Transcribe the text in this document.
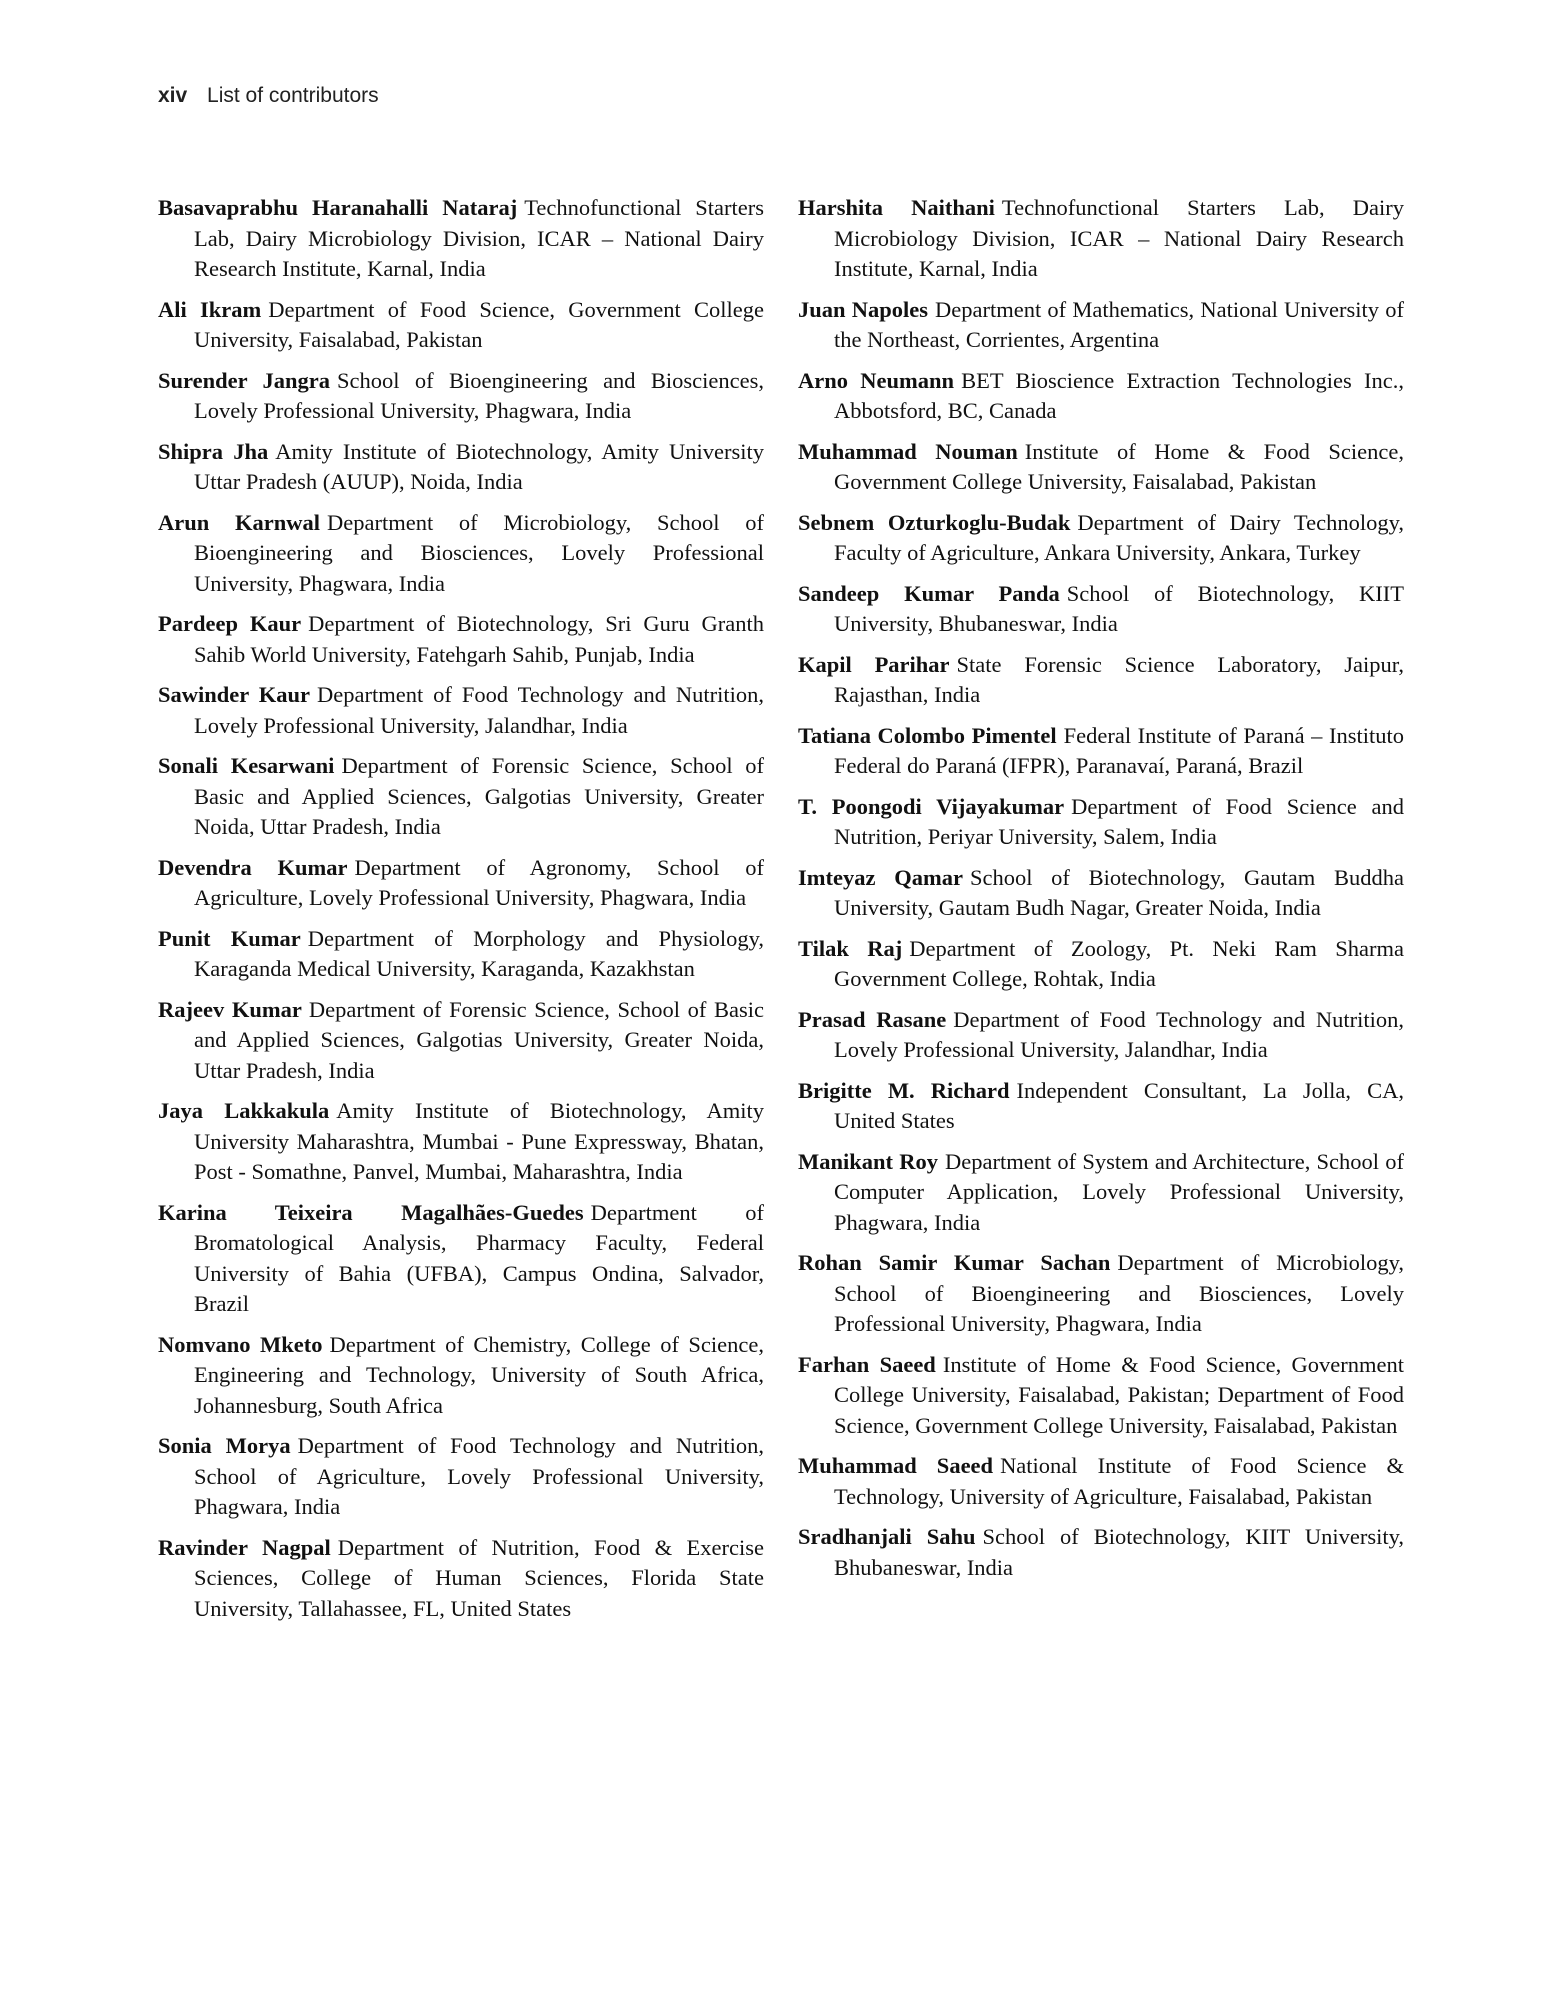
xiv List of contributors

Basavaprabhu Haranahalli Nataraj Technofunctional Starters Lab, Dairy Microbiology Division, ICAR – National Dairy Research Institute, Karnal, India

Ali Ikram Department of Food Science, Government College University, Faisalabad, Pakistan

Surender Jangra School of Bioengineering and Biosciences, Lovely Professional University, Phagwara, India

Shipra Jha Amity Institute of Biotechnology, Amity University Uttar Pradesh (AUUP), Noida, India

Arun Karnwal Department of Microbiology, School of Bioengineering and Biosciences, Lovely Professional University, Phagwara, India

Pardeep Kaur Department of Biotechnology, Sri Guru Granth Sahib World University, Fatehgarh Sahib, Punjab, India

Sawinder Kaur Department of Food Technology and Nutrition, Lovely Professional University, Jalandhar, India

Sonali Kesarwani Department of Forensic Science, School of Basic and Applied Sciences, Galgotias University, Greater Noida, Uttar Pradesh, India

Devendra Kumar Department of Agronomy, School of Agriculture, Lovely Professional University, Phagwara, India

Punit Kumar Department of Morphology and Physiology, Karaganda Medical University, Karaganda, Kazakhstan

Rajeev Kumar Department of Forensic Science, School of Basic and Applied Sciences, Galgotias University, Greater Noida, Uttar Pradesh, India

Jaya Lakkakula Amity Institute of Biotechnology, Amity University Maharashtra, Mumbai - Pune Expressway, Bhatan, Post - Somathne, Panvel, Mumbai, Maharashtra, India

Karina Teixeira Magalhães-Guedes Department of Bromatological Analysis, Pharmacy Faculty, Federal University of Bahia (UFBA), Campus Ondina, Salvador, Brazil

Nomvano Mketo Department of Chemistry, College of Science, Engineering and Technology, University of South Africa, Johannesburg, South Africa

Sonia Morya Department of Food Technology and Nutrition, School of Agriculture, Lovely Professional University, Phagwara, India

Ravinder Nagpal Department of Nutrition, Food & Exercise Sciences, College of Human Sciences, Florida State University, Tallahassee, FL, United States

Harshita Naithani Technofunctional Starters Lab, Dairy Microbiology Division, ICAR – National Dairy Research Institute, Karnal, India

Juan Napoles Department of Mathematics, National University of the Northeast, Corrientes, Argentina

Arno Neumann BET Bioscience Extraction Technologies Inc., Abbotsford, BC, Canada

Muhammad Nouman Institute of Home & Food Science, Government College University, Faisalabad, Pakistan

Sebnem Ozturkoglu-Budak Department of Dairy Technology, Faculty of Agriculture, Ankara University, Ankara, Turkey

Sandeep Kumar Panda School of Biotechnology, KIIT University, Bhubaneswar, India

Kapil Parihar State Forensic Science Laboratory, Jaipur, Rajasthan, India

Tatiana Colombo Pimentel Federal Institute of Paraná – Instituto Federal do Paraná (IFPR), Paranavaí, Paraná, Brazil

T. Poongodi Vijayakumar Department of Food Science and Nutrition, Periyar University, Salem, India

Imteyaz Qamar School of Biotechnology, Gautam Buddha University, Gautam Budh Nagar, Greater Noida, India

Tilak Raj Department of Zoology, Pt. Neki Ram Sharma Government College, Rohtak, India

Prasad Rasane Department of Food Technology and Nutrition, Lovely Professional University, Jalandhar, India

Brigitte M. Richard Independent Consultant, La Jolla, CA, United States

Manikant Roy Department of System and Architecture, School of Computer Application, Lovely Professional University, Phagwara, India

Rohan Samir Kumar Sachan Department of Microbiology, School of Bioengineering and Biosciences, Lovely Professional University, Phagwara, India

Farhan Saeed Institute of Home & Food Science, Government College University, Faisalabad, Pakistan; Department of Food Science, Government College University, Faisalabad, Pakistan

Muhammad Saeed National Institute of Food Science & Technology, University of Agriculture, Faisalabad, Pakistan

Sradhanjali Sahu School of Biotechnology, KIIT University, Bhubaneswar, India
